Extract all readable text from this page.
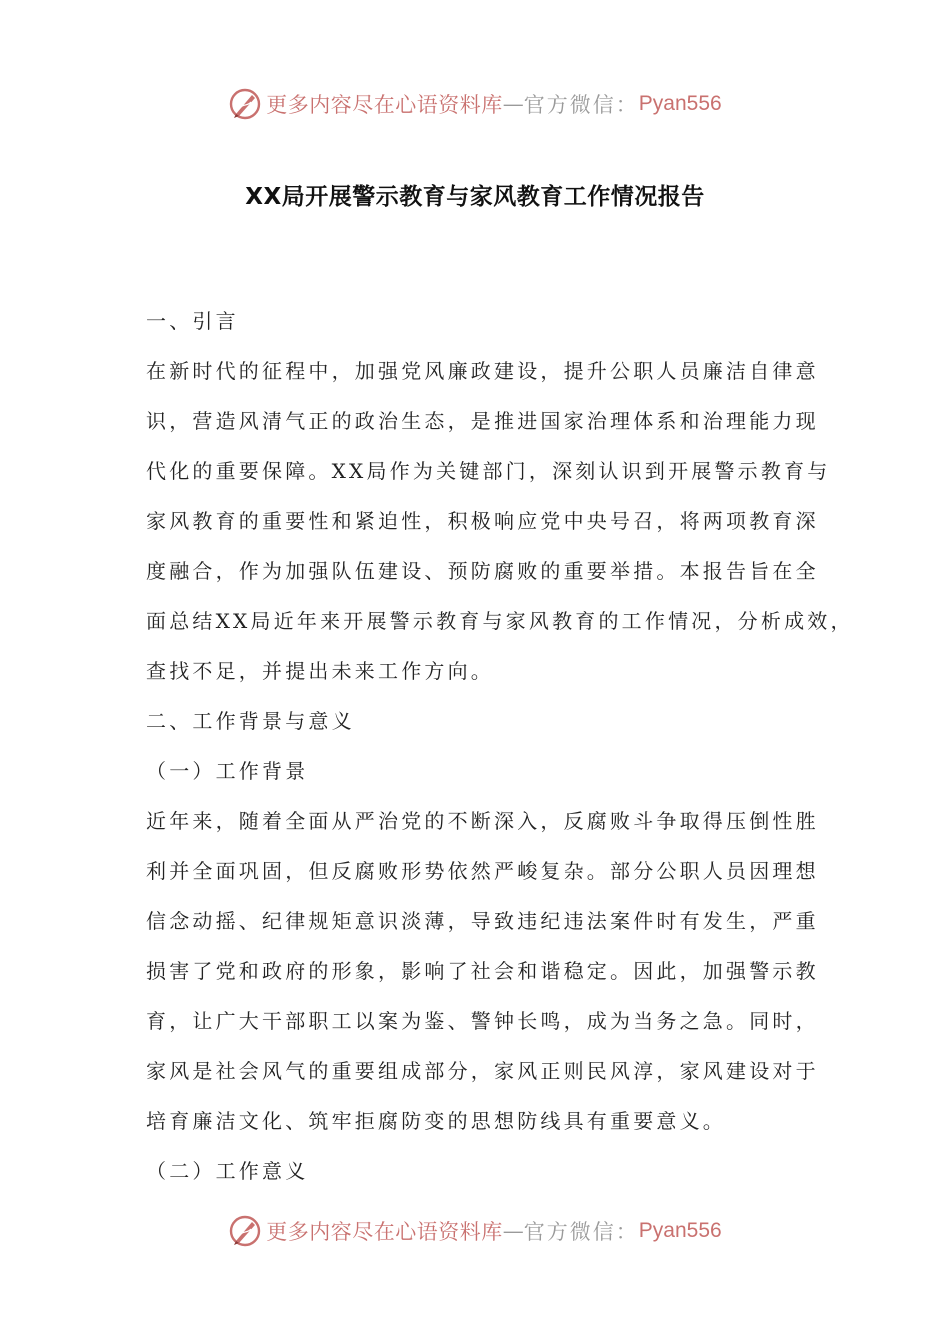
更多内容尽在心语资料库 — 官方微信： Pyan556
XX局开展警示教育与家风教育工作情况报告
一、引言
在新时代的征程中，加强党风廉政建设，提升公职人员廉洁自律意
识，营造风清气正的政治生态，是推进国家治理体系和治理能力现
代化的重要保障。XX局作为关键部门，深刻认识到开展警示教育与
家风教育的重要性和紧迫性，积极响应党中央号召，将两项教育深
度融合，作为加强队伍建设、预防腐败的重要举措。本报告旨在全
面总结XX局近年来开展警示教育与家风教育的工作情况，分析成效，
查找不足，并提出未来工作方向。
二、工作背景与意义
（一）工作背景
近年来，随着全面从严治党的不断深入，反腐败斗争取得压倒性胜
利并全面巩固，但反腐败形势依然严峻复杂。部分公职人员因理想
信念动摇、纪律规矩意识淡薄，导致违纪违法案件时有发生，严重
损害了党和政府的形象，影响了社会和谐稳定。因此，加强警示教
育，让广大干部职工以案为鉴、警钟长鸣，成为当务之急。同时，
家风是社会风气的重要组成部分，家风正则民风淳，家风建设对于
培育廉洁文化、筑牢拒腐防变的思想防线具有重要意义。
（二）工作意义
更多内容尽在心语资料库 — 官方微信： Pyan556
